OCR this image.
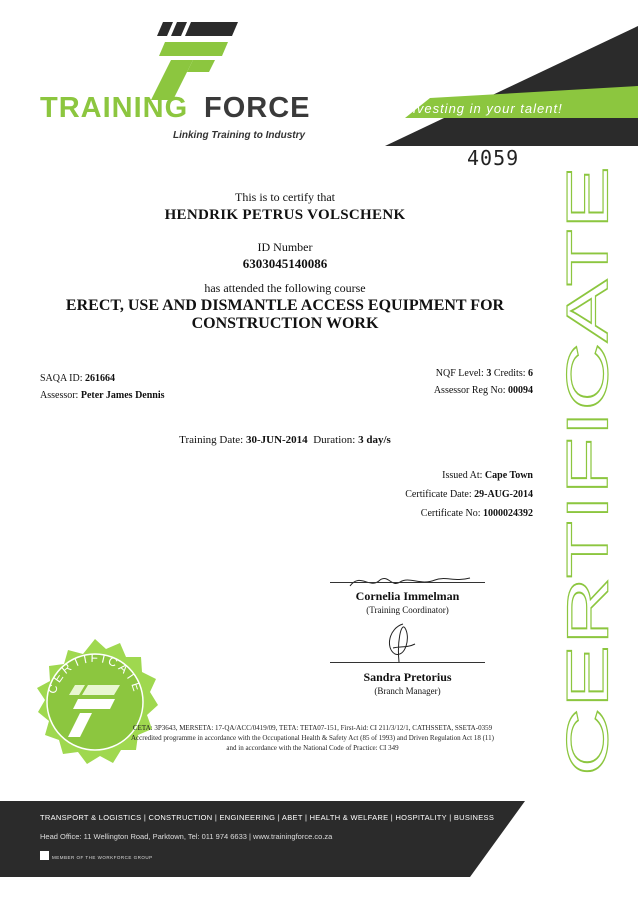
TRAINING FORCE
Linking Training to Industry
Investing in your talent!
4059
This is to certify that
HENDRIK PETRUS VOLSCHENK
ID Number
6303045140086
has attended the following course
ERECT, USE AND DISMANTLE ACCESS EQUIPMENT FOR
CONSTRUCTION WORK
SAQA ID: 261664
Assessor: Peter James Dennis
NQF Level: 3 Credits: 6
Assessor Reg No: 00094
Training Date: 30-JUN-2014 Duration: 3 day/s
Issued At: Cape Town
Certificate Date: 29-AUG-2014
Certificate No: 1000024392
Cornelia Immelman
(Training Coordinator)
Sandra Pretorius
(Branch Manager)
CERTIFICATE
CETA: 3P3643, MERSETA: 17-QA/ACC/0419/09, TETA: TETA07-151, First-Aid: CI 211/3/12/1, CATHSSETA, SSETA-0359
Accredited programme in accordance with the Occupational Health & Safety Act (85 of 1993) and Driven Regulation Act 18 (11)
and in accordance with the National Code of Practice: CI 349	CERTIFICATE
TRANSPORT & LOGISTICS | CONSTRUCTION | ENGINEERING | ABET | HEALTH & WELFARE | HOSPITALITY | BUSINESS
Head Office: 11 Wellington Road, Parktown, Tel: 011 974 6633 | www.trainingforce.co.za
MEMBER OF THE WORKFORCE GROUP
